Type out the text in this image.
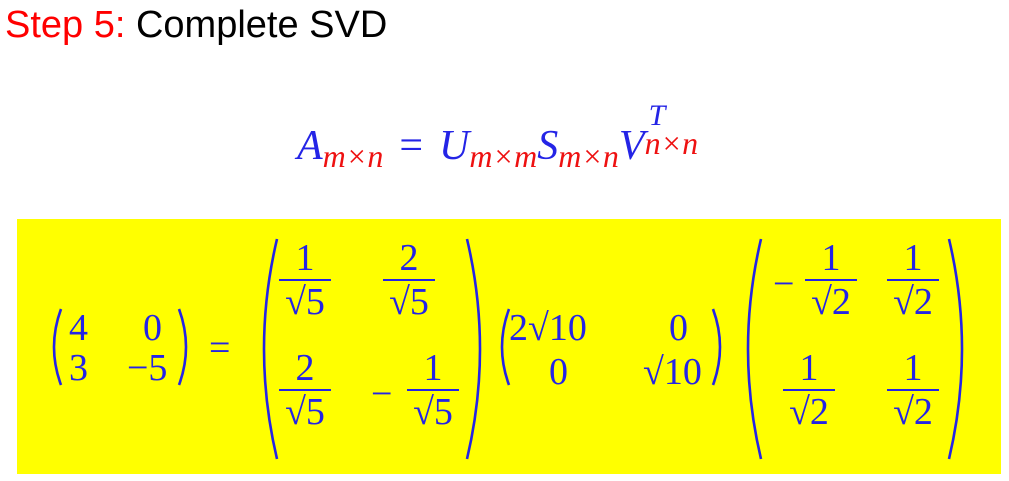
Step 5: Complete SVD
$A_{m\times n} = U_{m\times m}S_{m\times n}V$
T
n×n
4 0
3 −5 =
1
√5
2
√5
2
√5 −
1
√5
2√10 0
0 √10
−
1
√2
1
√2
1
√2
1
√2
